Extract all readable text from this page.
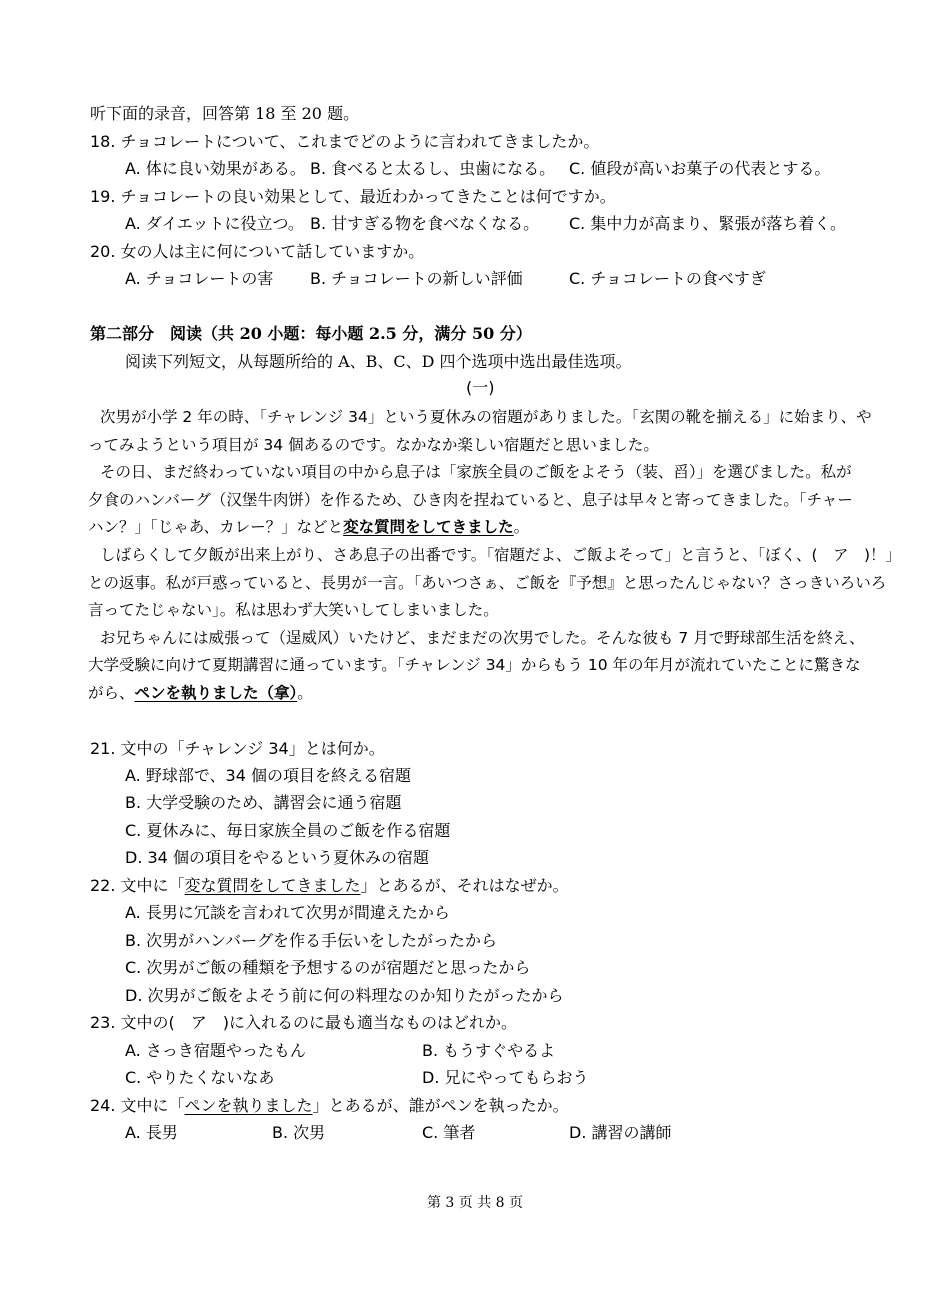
听下面的录音，回答第 18 至 20 题。
18. チョコレートについて、これまでどのように言われてきましたか。
A. 体に良い効果がある。 B. 食べると太るし、虫歯になる。 C. 値段が高いお菓子の代表とする。
19. チョコレートの良い効果として、最近わかってきたことは何ですか。
A. ダイエットに役立つ。 B. 甘すぎる物を食べなくなる。 C. 集中力が高まり、緊張が落ち着く。
20. 女の人は主に何について話していますか。
A. チョコレートの害 B. チョコレートの新しい評価	C. チョコレートの食べすぎ
第二部分　阅读（共 20 小题：每小题 2.5 分，满分 50 分）
阅读下列短文，从每题所给的 A、B、C、D 四个选项中选出最佳选项。
(一)
次男が小学 2 年の時、「チャレンジ 34」という夏休みの宿題がありました。「玄関の靴を揃える」に始まり、や
ってみようという項目が 34 個あるのです。なかなか楽しい宿題だと思いました。
その日、まだ終わっていない項目の中から息子は「家族全員のご飯をよそう（装、舀）」を選びました。私が
夕食のハンバーグ（汉堡牛肉饼）を作るため、ひき肉を捏ねていると、息子は早々と寄ってきました。「チャー
ハン？」「じゃあ、カレー？」などと変な質問をしてきました。
しばらくして夕飯が出来上がり、さあ息子の出番です。「宿題だよ、ご飯よそって」と言うと、「ぼく、(　ア　)！」
との返事。私が戸惑っていると、長男が一言。「あいつさぁ、ご飯を『予想』と思ったんじゃない？さっきいろいろ
言ってたじゃない」。私は思わず大笑いしてしまいました。
お兄ちゃんには威張って（逞威风）いたけど、まだまだの次男でした。そんな彼も 7 月で野球部生活を終え、
大学受験に向けて夏期講習に通っています。「チャレンジ 34」からもう 10 年の年月が流れていたことに驚きな
がら、ペンを執りました（拿）。
21. 文中の「チャレンジ 34」とは何か。
A. 野球部で、34 個の項目を終える宿題
B. 大学受験のため、講習会に通う宿題
C. 夏休みに、毎日家族全員のご飯を作る宿題
D. 34 個の項目をやるという夏休みの宿題
22. 文中に「変な質問をしてきました」とあるが、それはなぜか。
A. 長男に冗談を言われて次男が間違えたから
B. 次男がハンバーグを作る手伝いをしたがったから
C. 次男がご飯の種類を予想するのが宿題だと思ったから
D. 次男がご飯をよそう前に何の料理なのか知りたがったから
23. 文中の(　ア　)に入れるのに最も適当なものはどれか。
A. さっき宿題やったもん	B. もうすぐやるよ
C. やりたくないなあ	D. 兄にやってもらおう
24. 文中に「ペンを執りました」とあるが、誰がペンを執ったか。
A. 長男	B. 次男	C. 筆者	D. 講習の講師
第 3 页 共 8 页
